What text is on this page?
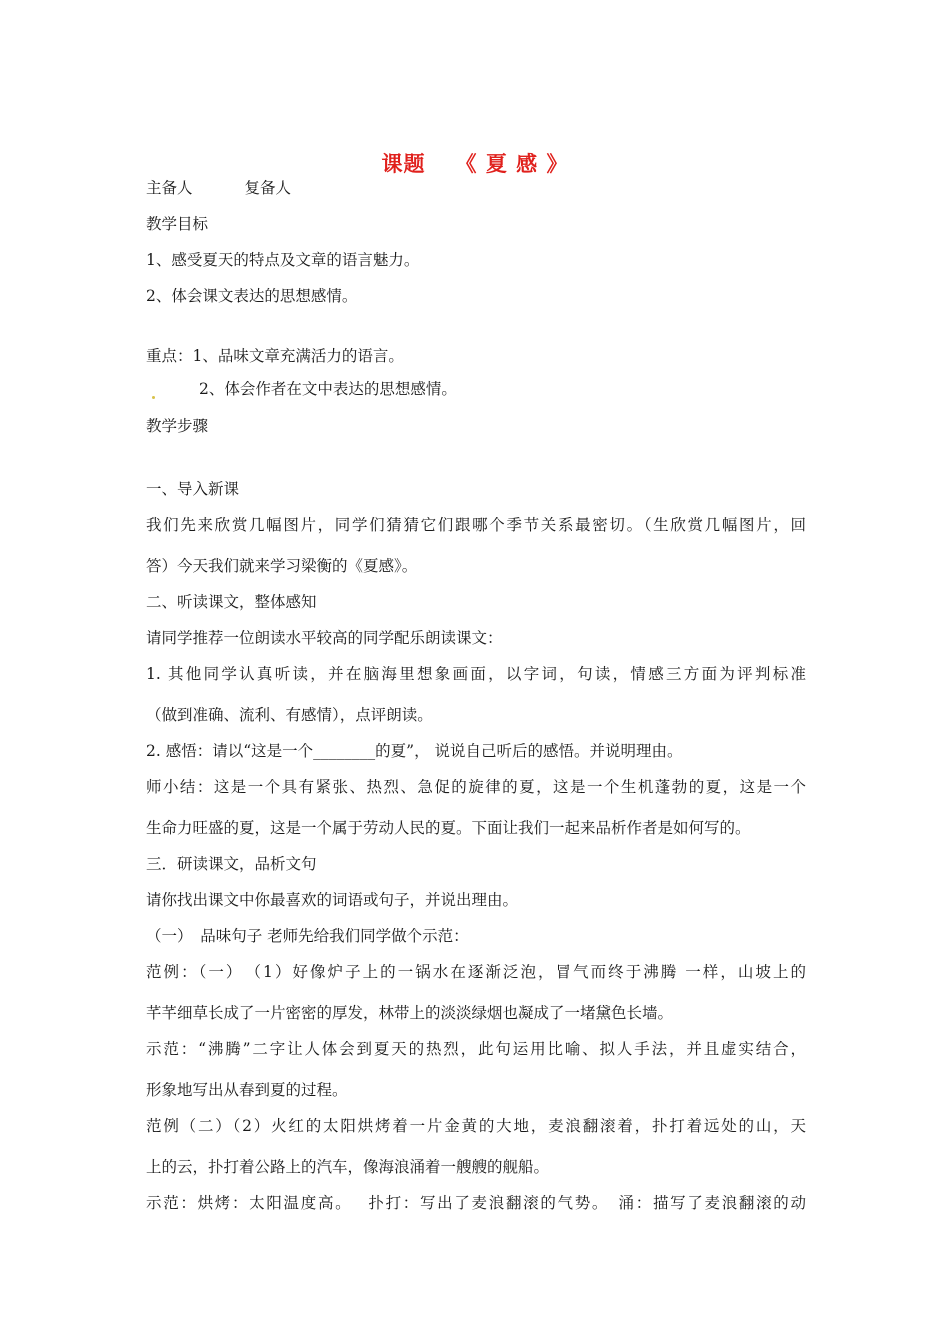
课题 《 夏 感 》
主备人	复备人
教学目标
1、感受夏天的特点及文章的语言魅力。
2、体会课文表达的思想感情。
重点：1、品味文章充满活力的语言。
2、体会作者在文中表达的思想感情。
教学步骤
一、导入新课
我们先来欣赏几幅图片，同学们猜猜它们跟哪个季节关系最密切。（生欣赏几幅图片，回
答）今天我们就来学习梁衡的《夏感》。
二、听读课文，整体感知
请同学推荐一位朗读水平较高的同学配乐朗读课文：
1. 其他同学认真听读，并在脑海里想象画面，以字词，句读，情感三方面为评判标准
（做到准确、流利、有感情），点评朗读。
2. 感悟：请以“这是一个________的夏”， 说说自己听后的感悟。并说明理由。
师小结：这是一个具有紧张、热烈、急促的旋律的夏，这是一个生机蓬勃的夏，这是一个
生命力旺盛的夏，这是一个属于劳动人民的夏。下面让我们一起来品析作者是如何写的。
三．研读课文，品析文句
请你找出课文中你最喜欢的词语或句子，并说出理由。
（一）　品味句子 老师先给我们同学做个示范：
范例：（一）　（1）好像炉子上的一锅水在逐渐泛泡，冒气而终于沸腾 一样，山坡上的
芊芊细草长成了一片密密的厚发，林带上的淡淡绿烟也凝成了一堵黛色长墙。
示范：“沸腾”二字让人体会到夏天的热烈，此句运用比喻、拟人手法，并且虚实结合，
形象地写出从春到夏的过程。
范例（二）（2）火红的太阳烘烤着一片金黄的大地，麦浪翻滚着，扑打着远处的山，天
上的云，扑打着公路上的汽车，像海浪涌着一艘艘的舰船。
示范：烘烤：太阳温度高。　 扑打：写出了麦浪翻滚的气势。　涌：描写了麦浪翻滚的动
